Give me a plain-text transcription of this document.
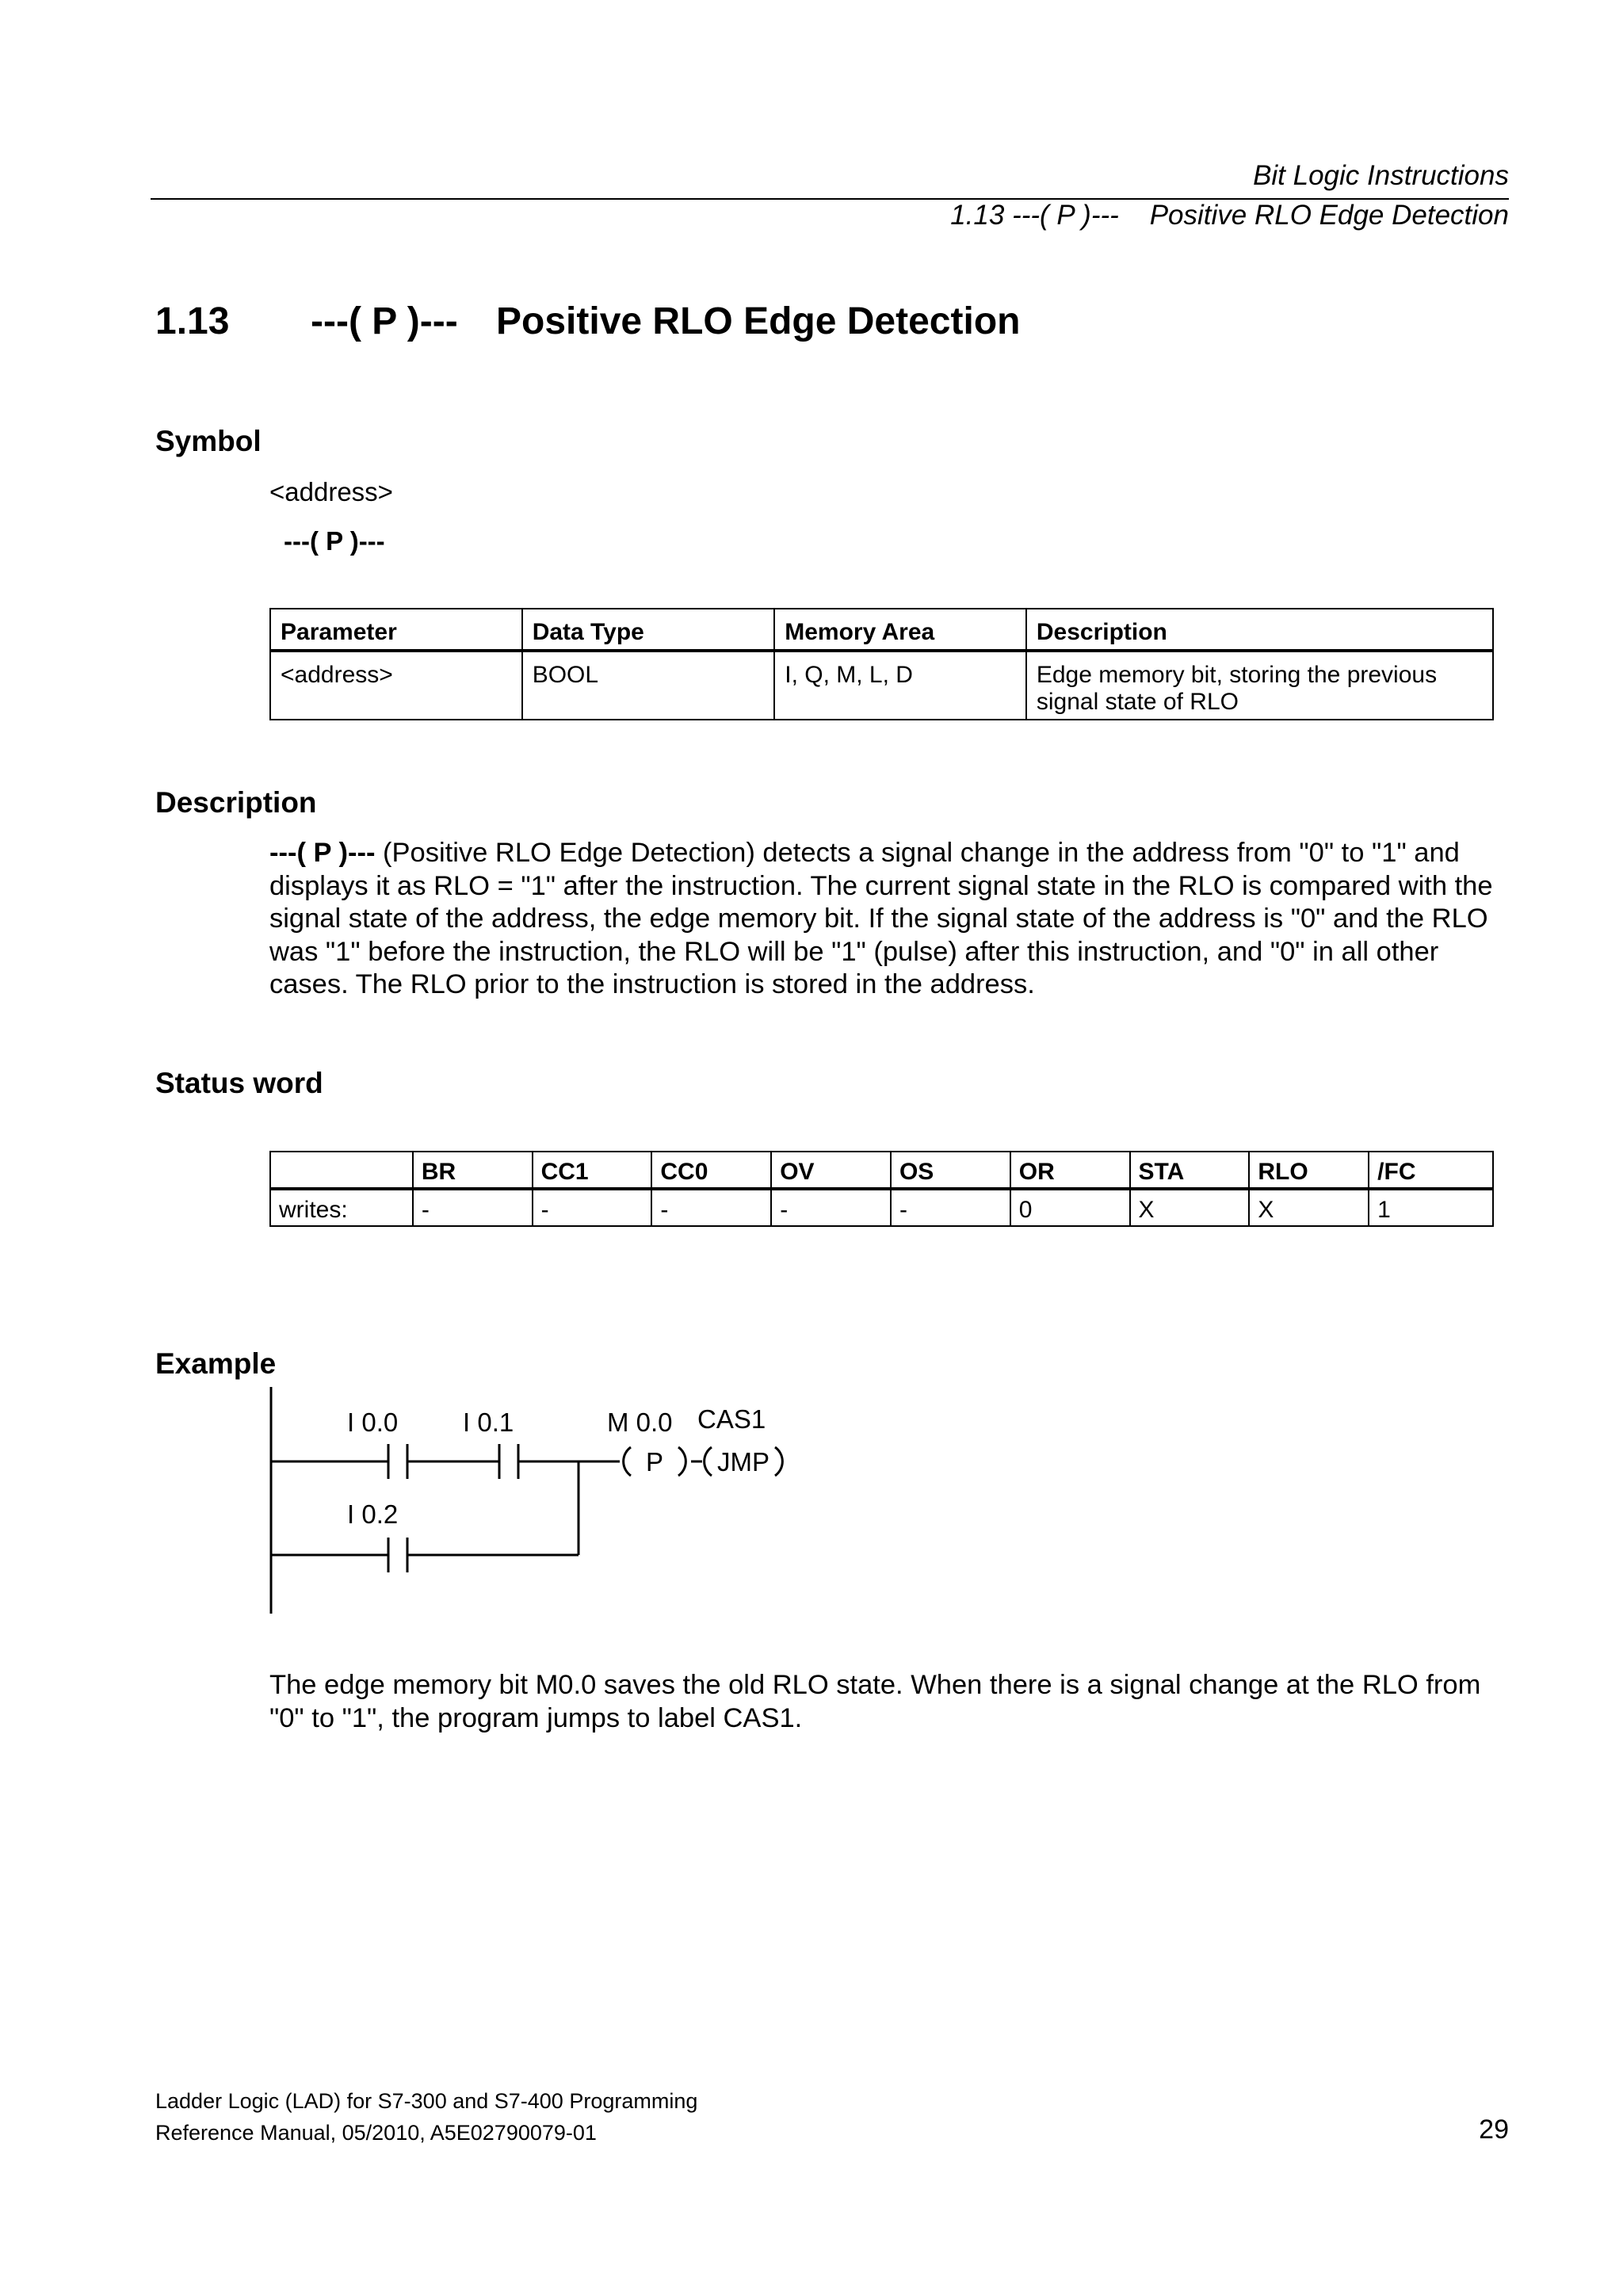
Bit Logic Instructions
1.13 ---( P )---    Positive RLO Edge Detection
1.13 ---( P )--- Positive RLO Edge Detection
Symbol
<address>
---( P )---
Parameter	Data Type	Memory Area	Description
<address>	BOOL	I, Q, M, L, D	Edge memory bit, storing the previous signal state of RLO
Description
---( P )--- (Positive RLO Edge Detection) detects a signal change in the address from "0" to "1" and displays it as RLO = "1" after the instruction. The current signal state in the RLO is compared with the signal state of the address, the edge memory bit. If the signal state of the address is "0" and the RLO was "1" before the instruction, the RLO will be "1" (pulse) after this instruction, and "0" in all other cases. The RLO prior to the instruction is stored in the address.
Status word
	BR	CC1	CC0	OV	OS	OR	STA	RLO	/FC
writes:	-	-	-	-	-	0	X	X	1
Example
I 0.0 I 0.1	M 0.0 CAS1
I 0.2
P JMP
The edge memory bit M0.0 saves the old RLO state. When there is a signal change at the RLO from "0" to "1", the program jumps to label CAS1.
Ladder Logic (LAD) for S7-300 and S7-400 Programming
Reference Manual, 05/2010, A5E02790079-01	29
